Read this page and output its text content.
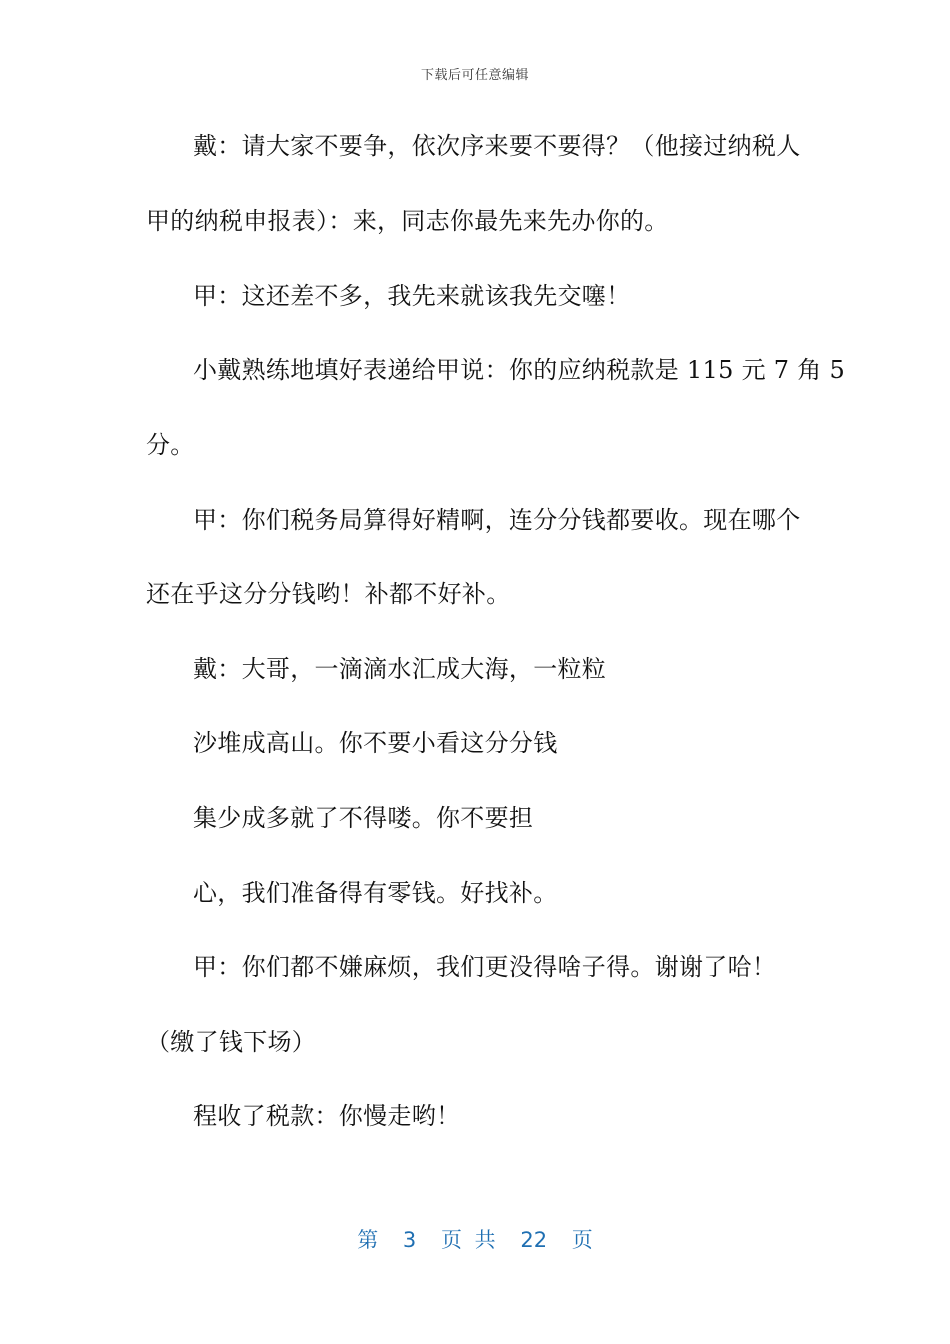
下载后可任意编辑
戴：请大家不要争，依次序来要不要得？（他接过纳税人
甲的纳税申报表）：来，同志你最先来先办你的。
甲：这还差不多，我先来就该我先交噻！
小戴熟练地填好表递给甲说：你的应纳税款是 115 元 7 角 5
分。
甲：你们税务局算得好精啊，连分分钱都要收。现在哪个
还在乎这分分钱哟！补都不好补。
戴：大哥，一滴滴水汇成大海，一粒粒
沙堆成高山。你不要小看这分分钱
集少成多就了不得喽。你不要担
心，我们准备得有零钱。好找补。
甲：你们都不嫌麻烦，我们更没得啥子得。谢谢了哈！
（缴了钱下场）
程收了税款：你慢走哟！
第 3 页 共 22 页
